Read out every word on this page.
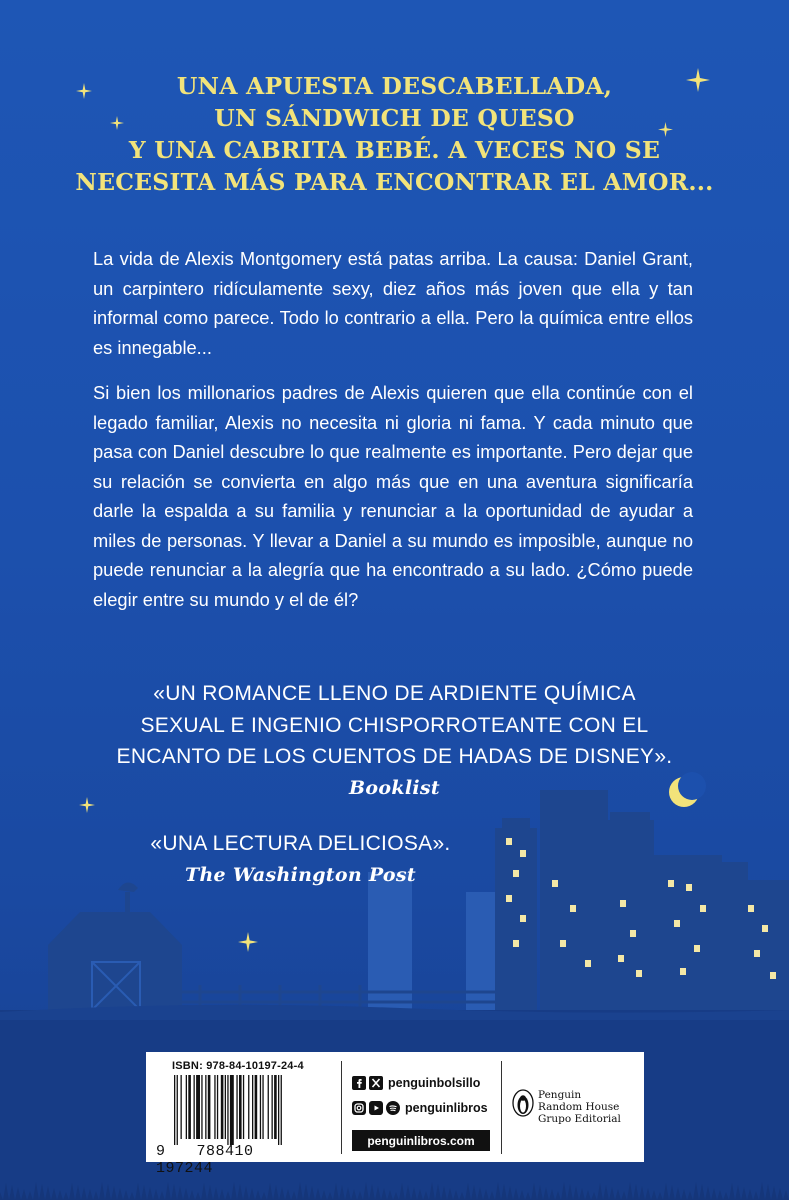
UNA APUESTA DESCABELLADA,
UN SÁNDWICH DE QUESO
Y UNA CABRITA BEBÉ. A VECES NO SE
NECESITA MÁS PARA ENCONTRAR EL AMOR...

La vida de Alexis Montgomery está patas arriba. La causa: Daniel Grant, un carpintero ridículamente sexy, diez años más joven que ella y tan informal como parece. Todo lo contrario a ella. Pero la química entre ellos es innegable...

Si bien los millonarios padres de Alexis quieren que ella continúe con el legado familiar, Alexis no necesita ni gloria ni fama. Y cada minuto que pasa con Daniel descubre lo que realmente es importante. Pero dejar que su relación se convierta en algo más que en una aventura significaría darle la espalda a su familia y renunciar a la oportunidad de ayudar a miles de personas. Y llevar a Daniel a su mundo es imposible, aunque no puede renunciar a la alegría que ha encontrado a su lado. ¿Cómo puede elegir entre su mundo y el de él?

«UN ROMANCE LLENO DE ARDIENTE QUÍMICA
SEXUAL E INGENIO CHISPORROTEANTE CON EL
ENCANTO DE LOS CUENTOS DE HADAS DE DISNEY».
Booklist
«UNA LECTURA DELICIOSA».
The Washington Post
ISBN: 978-84-10197-24-4
9 788410  197244
penguinbolsillo
penguinlibros
penguinlibros.com
Penguin
Random House
Grupo Editorial
